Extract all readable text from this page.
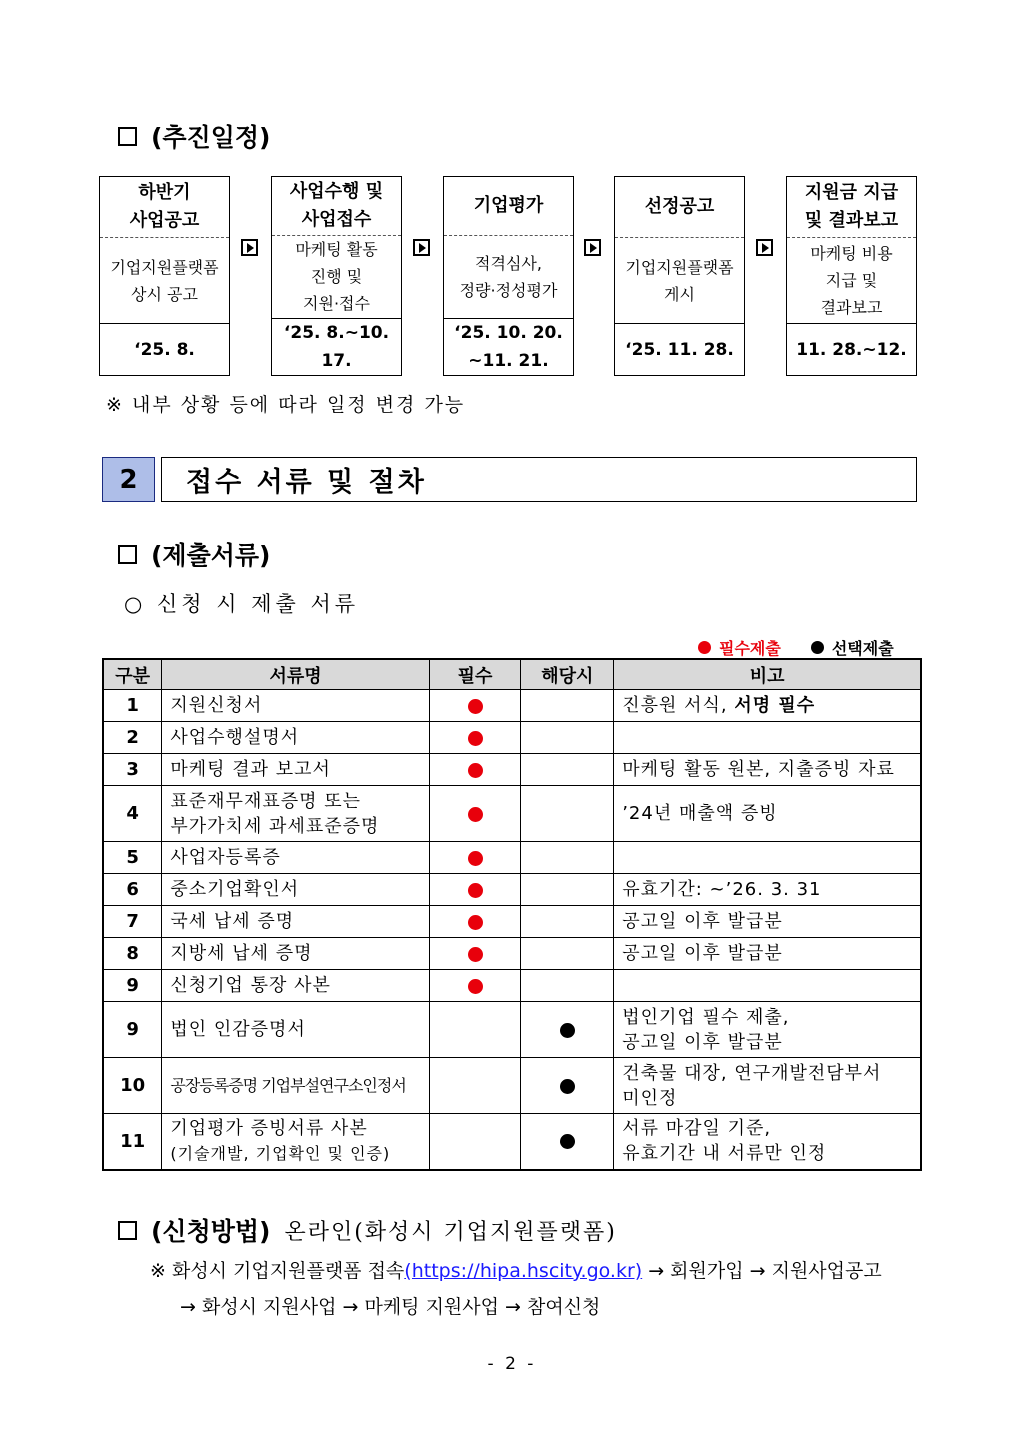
(추진일정)
하반기
사업공고
기업지원플랫폼
상시 공고
‘25. 8.
사업수행 및
사업접수
마케팅 활동
진행 및
지원·접수
‘25. 8.~10. 17.
기업평가
적격심사,
정량·정성평가
‘25. 10. 20.
~11. 21.
선정공고
기업지원플랫폼
게시
‘25. 11. 28.
지원금 지급
및 결과보고
마케팅 비용
지급 및
결과보고
11. 28.~12.
※ 내부 상황 등에 따라 일정 변경 가능
2	접수 서류 및 절차
(제출서류)
○ 신청 시 제출 서류
필수제출	선택제출
구분	서류명	필수	해당시	비고
1	지원신청서			진흥원 서식, 서명 필수
2	사업수행설명서			
3	마케팅 결과 보고서			마케팅 활동 원본, 지출증빙 자료
4	표준재무재표증명 또는
부가가치세 과세표준증명			’24년 매출액 증빙
5	사업자등록증			
6	중소기업확인서			유효기간: ~’26. 3. 31
7	국세 납세 증명			공고일 이후 발급분
8	지방세 납세 증명			공고일 이후 발급분
9	신청기업 통장 사본			
9	법인 인감증명서			법인기업 필수 제출,
공고일 이후 발급분
10	공장등록증명 기업부설연구소인정서			건축물 대장, 연구개발전담부서
미인정
11	기업평가 증빙서류 사본
(기술개발, 기업확인 및 인증)			서류 마감일 기준,
유효기간 내 서류만 인정
(신청방법) 온라인(화성시 기업지원플랫폼)
※ 화성시 기업지원플랫폼 접속(https://hipa.hscity.go.kr) → 회원가입 → 지원사업공고
→ 화성시 지원사업 → 마케팅 지원사업 → 참여신청
- 2 -
